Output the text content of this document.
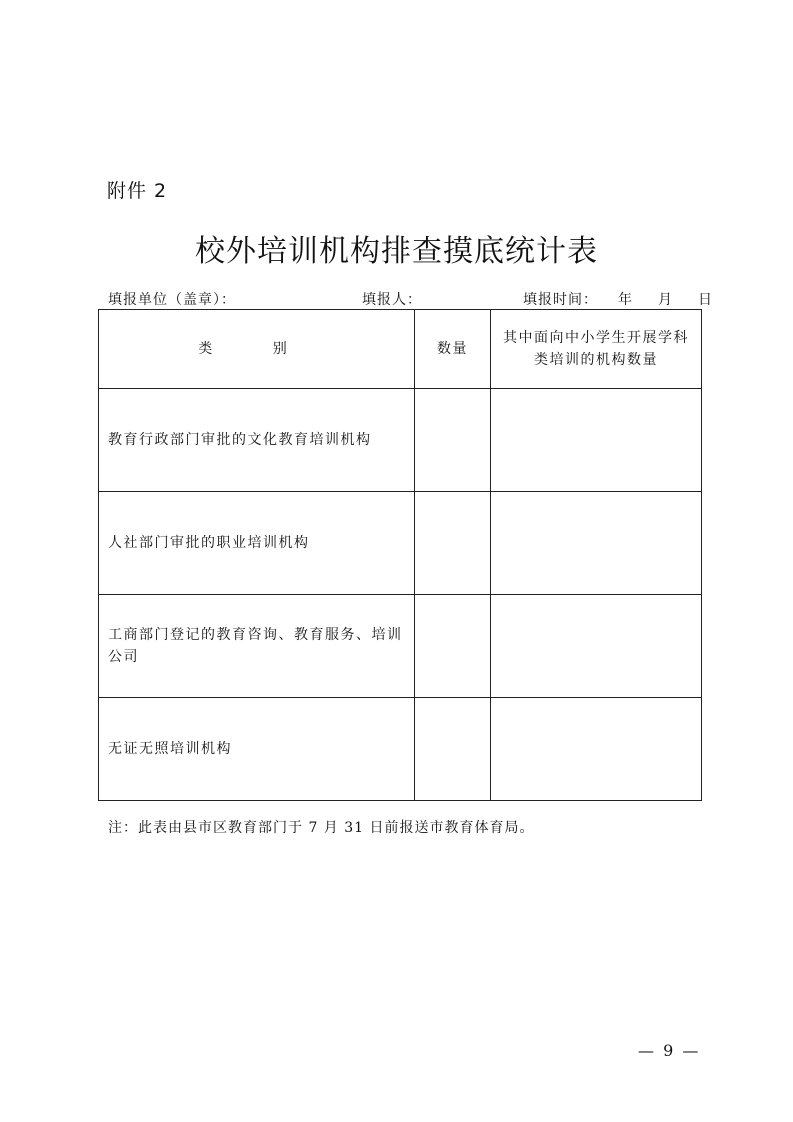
附件 2
校外培训机构排查摸底统计表
填报单位（盖章）：	填报人：	填报时间： 年 月 日
类 别	数量	其中面向中小学生开展学科类培训的机构数量
教育行政部门审批的文化教育培训机构		
人社部门审批的职业培训机构		
工商部门登记的教育咨询、教育服务、培训公司		
无证无照培训机构		
注：此表由县市区教育部门于 7 月 31 日前报送市教育体育局。
— 9 —
